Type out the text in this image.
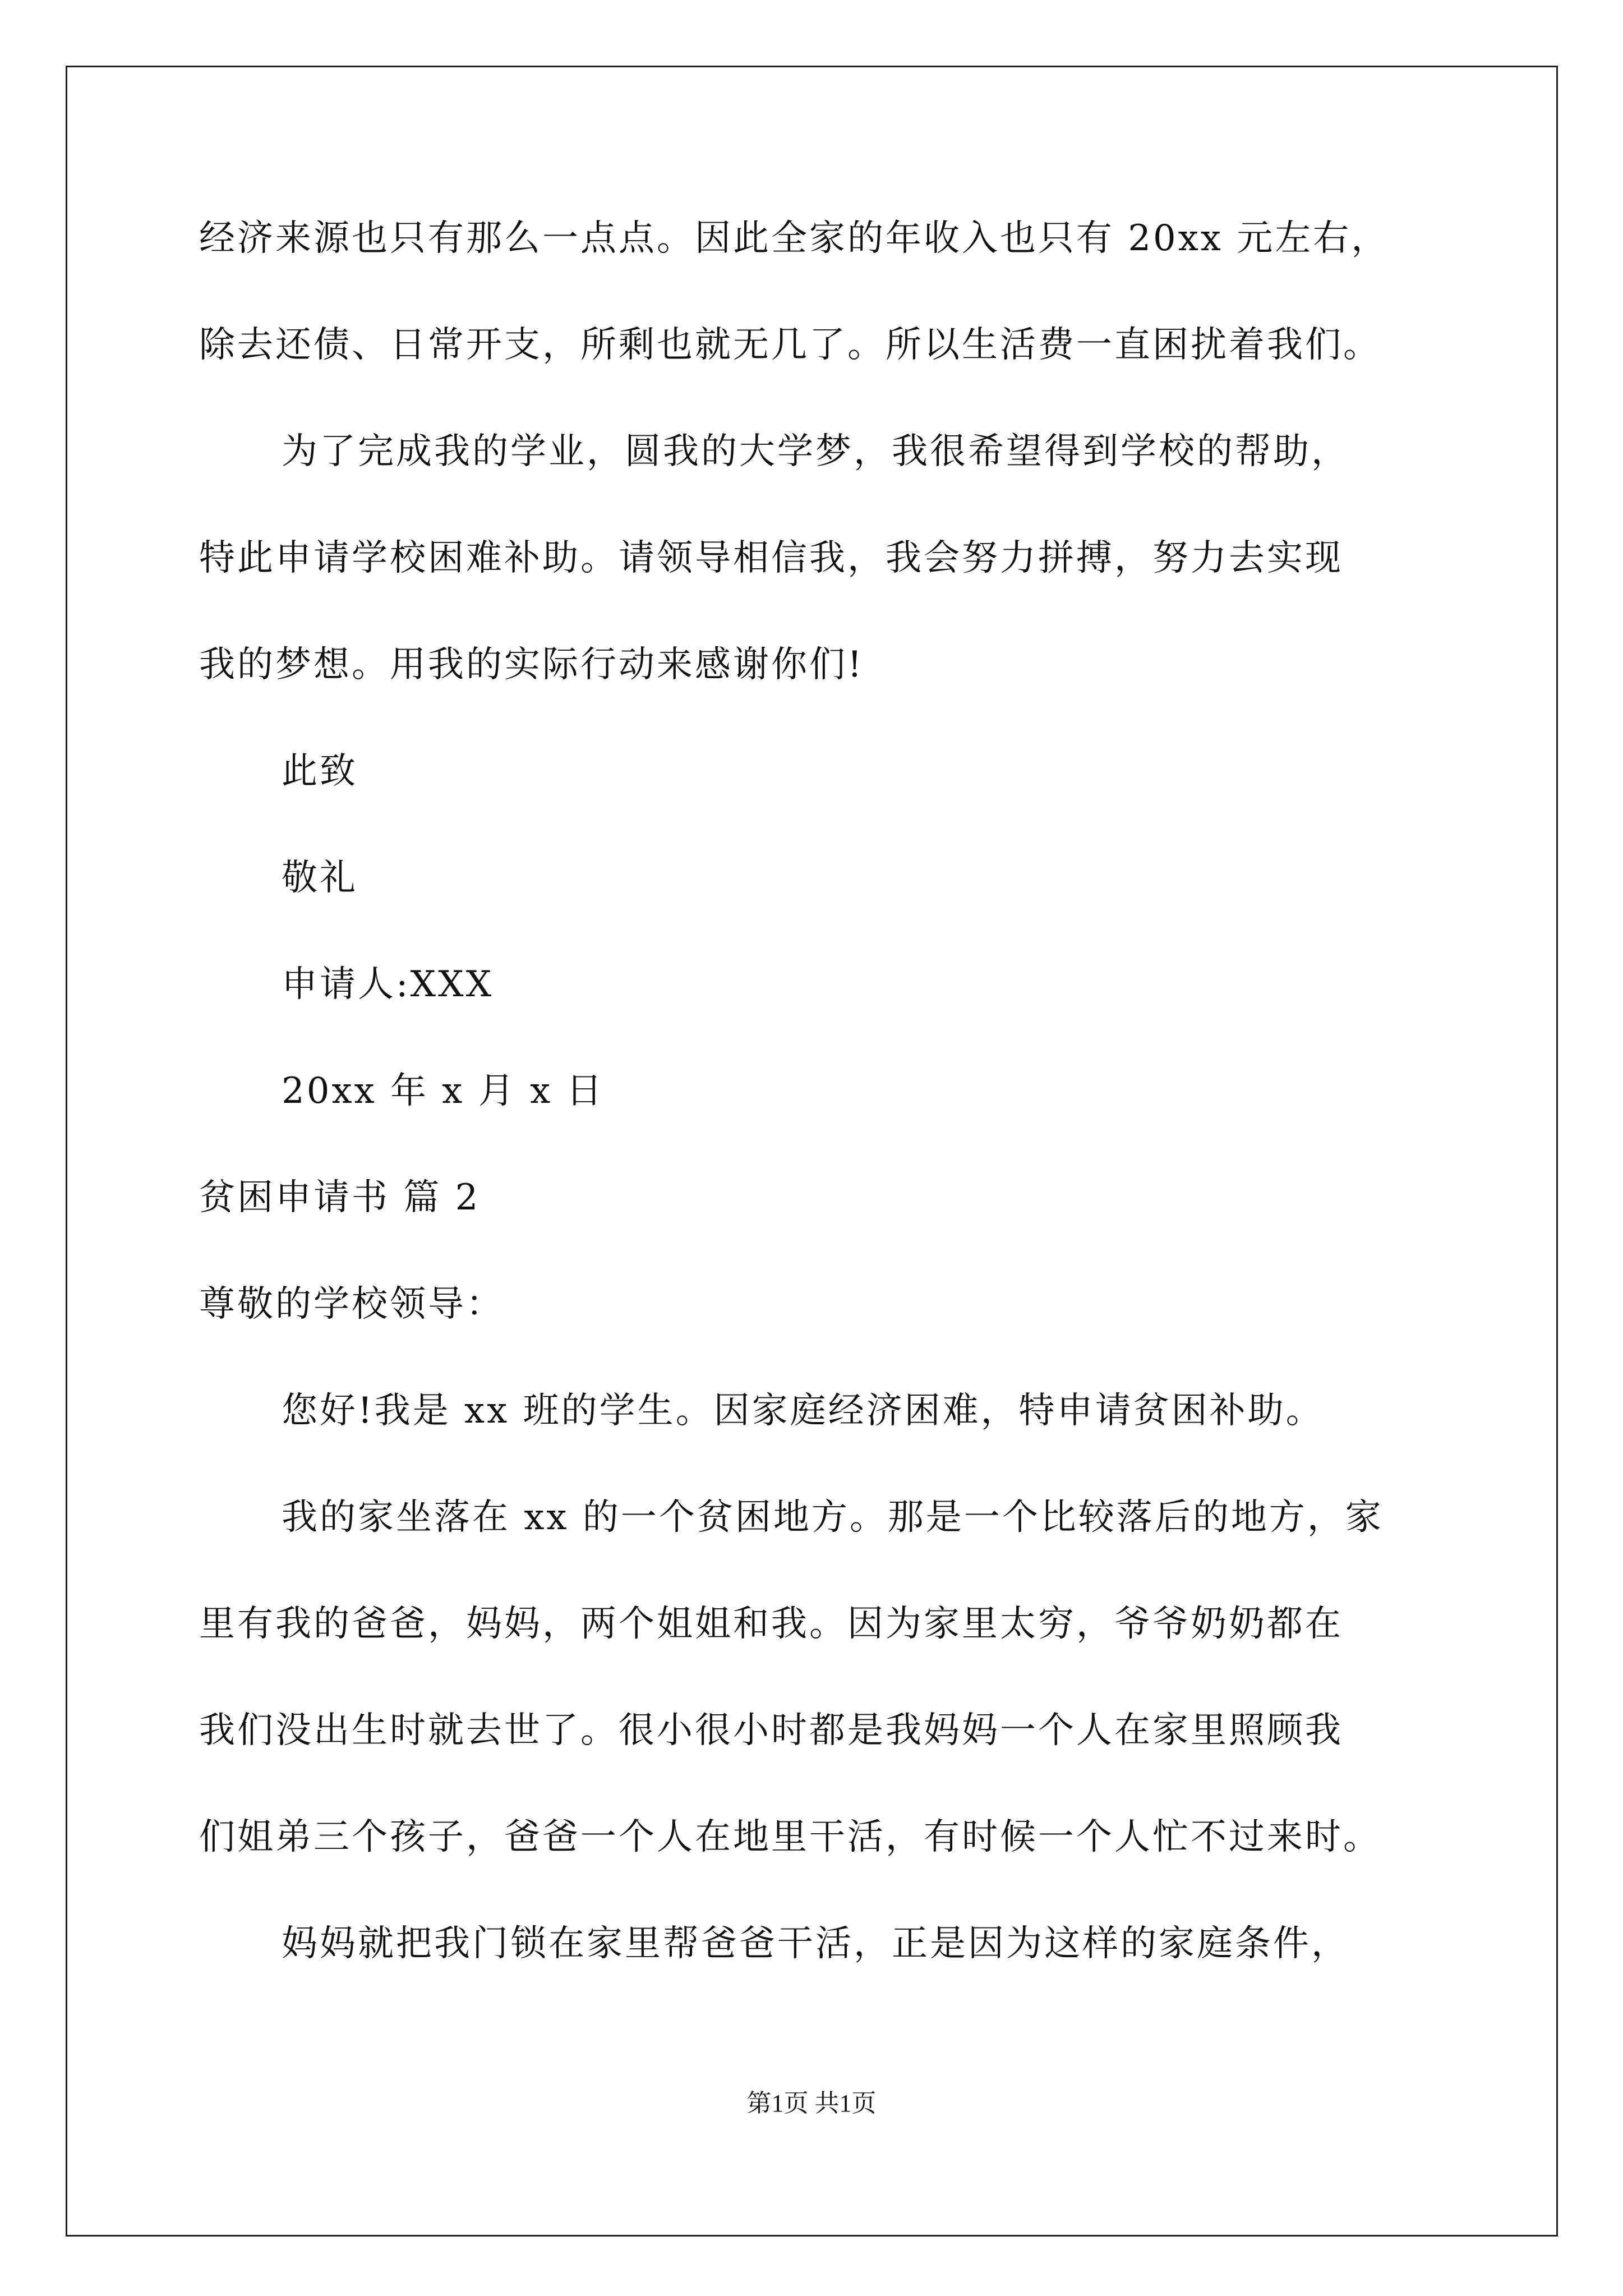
经济来源也只有那么一点点。因此全家的年收入也只有 20xx 元左右，
除去还债、日常开支，所剩也就无几了。所以生活费一直困扰着我们。
为了完成我的学业，圆我的大学梦，我很希望得到学校的帮助，
特此申请学校困难补助。请领导相信我，我会努力拼搏，努力去实现
我的梦想。用我的实际行动来感谢你们!
此致
敬礼
申请人:XXX
20xx 年 x 月 x 日
贫困申请书 篇 2
尊敬的学校领导：
您好!我是 xx 班的学生。因家庭经济困难，特申请贫困补助。
我的家坐落在 xx 的一个贫困地方。那是一个比较落后的地方，家
里有我的爸爸，妈妈，两个姐姐和我。因为家里太穷，爷爷奶奶都在
我们没出生时就去世了。很小很小时都是我妈妈一个人在家里照顾我
们姐弟三个孩子，爸爸一个人在地里干活，有时候一个人忙不过来时。
妈妈就把我门锁在家里帮爸爸干活，正是因为这样的家庭条件，
第1页 共1页
